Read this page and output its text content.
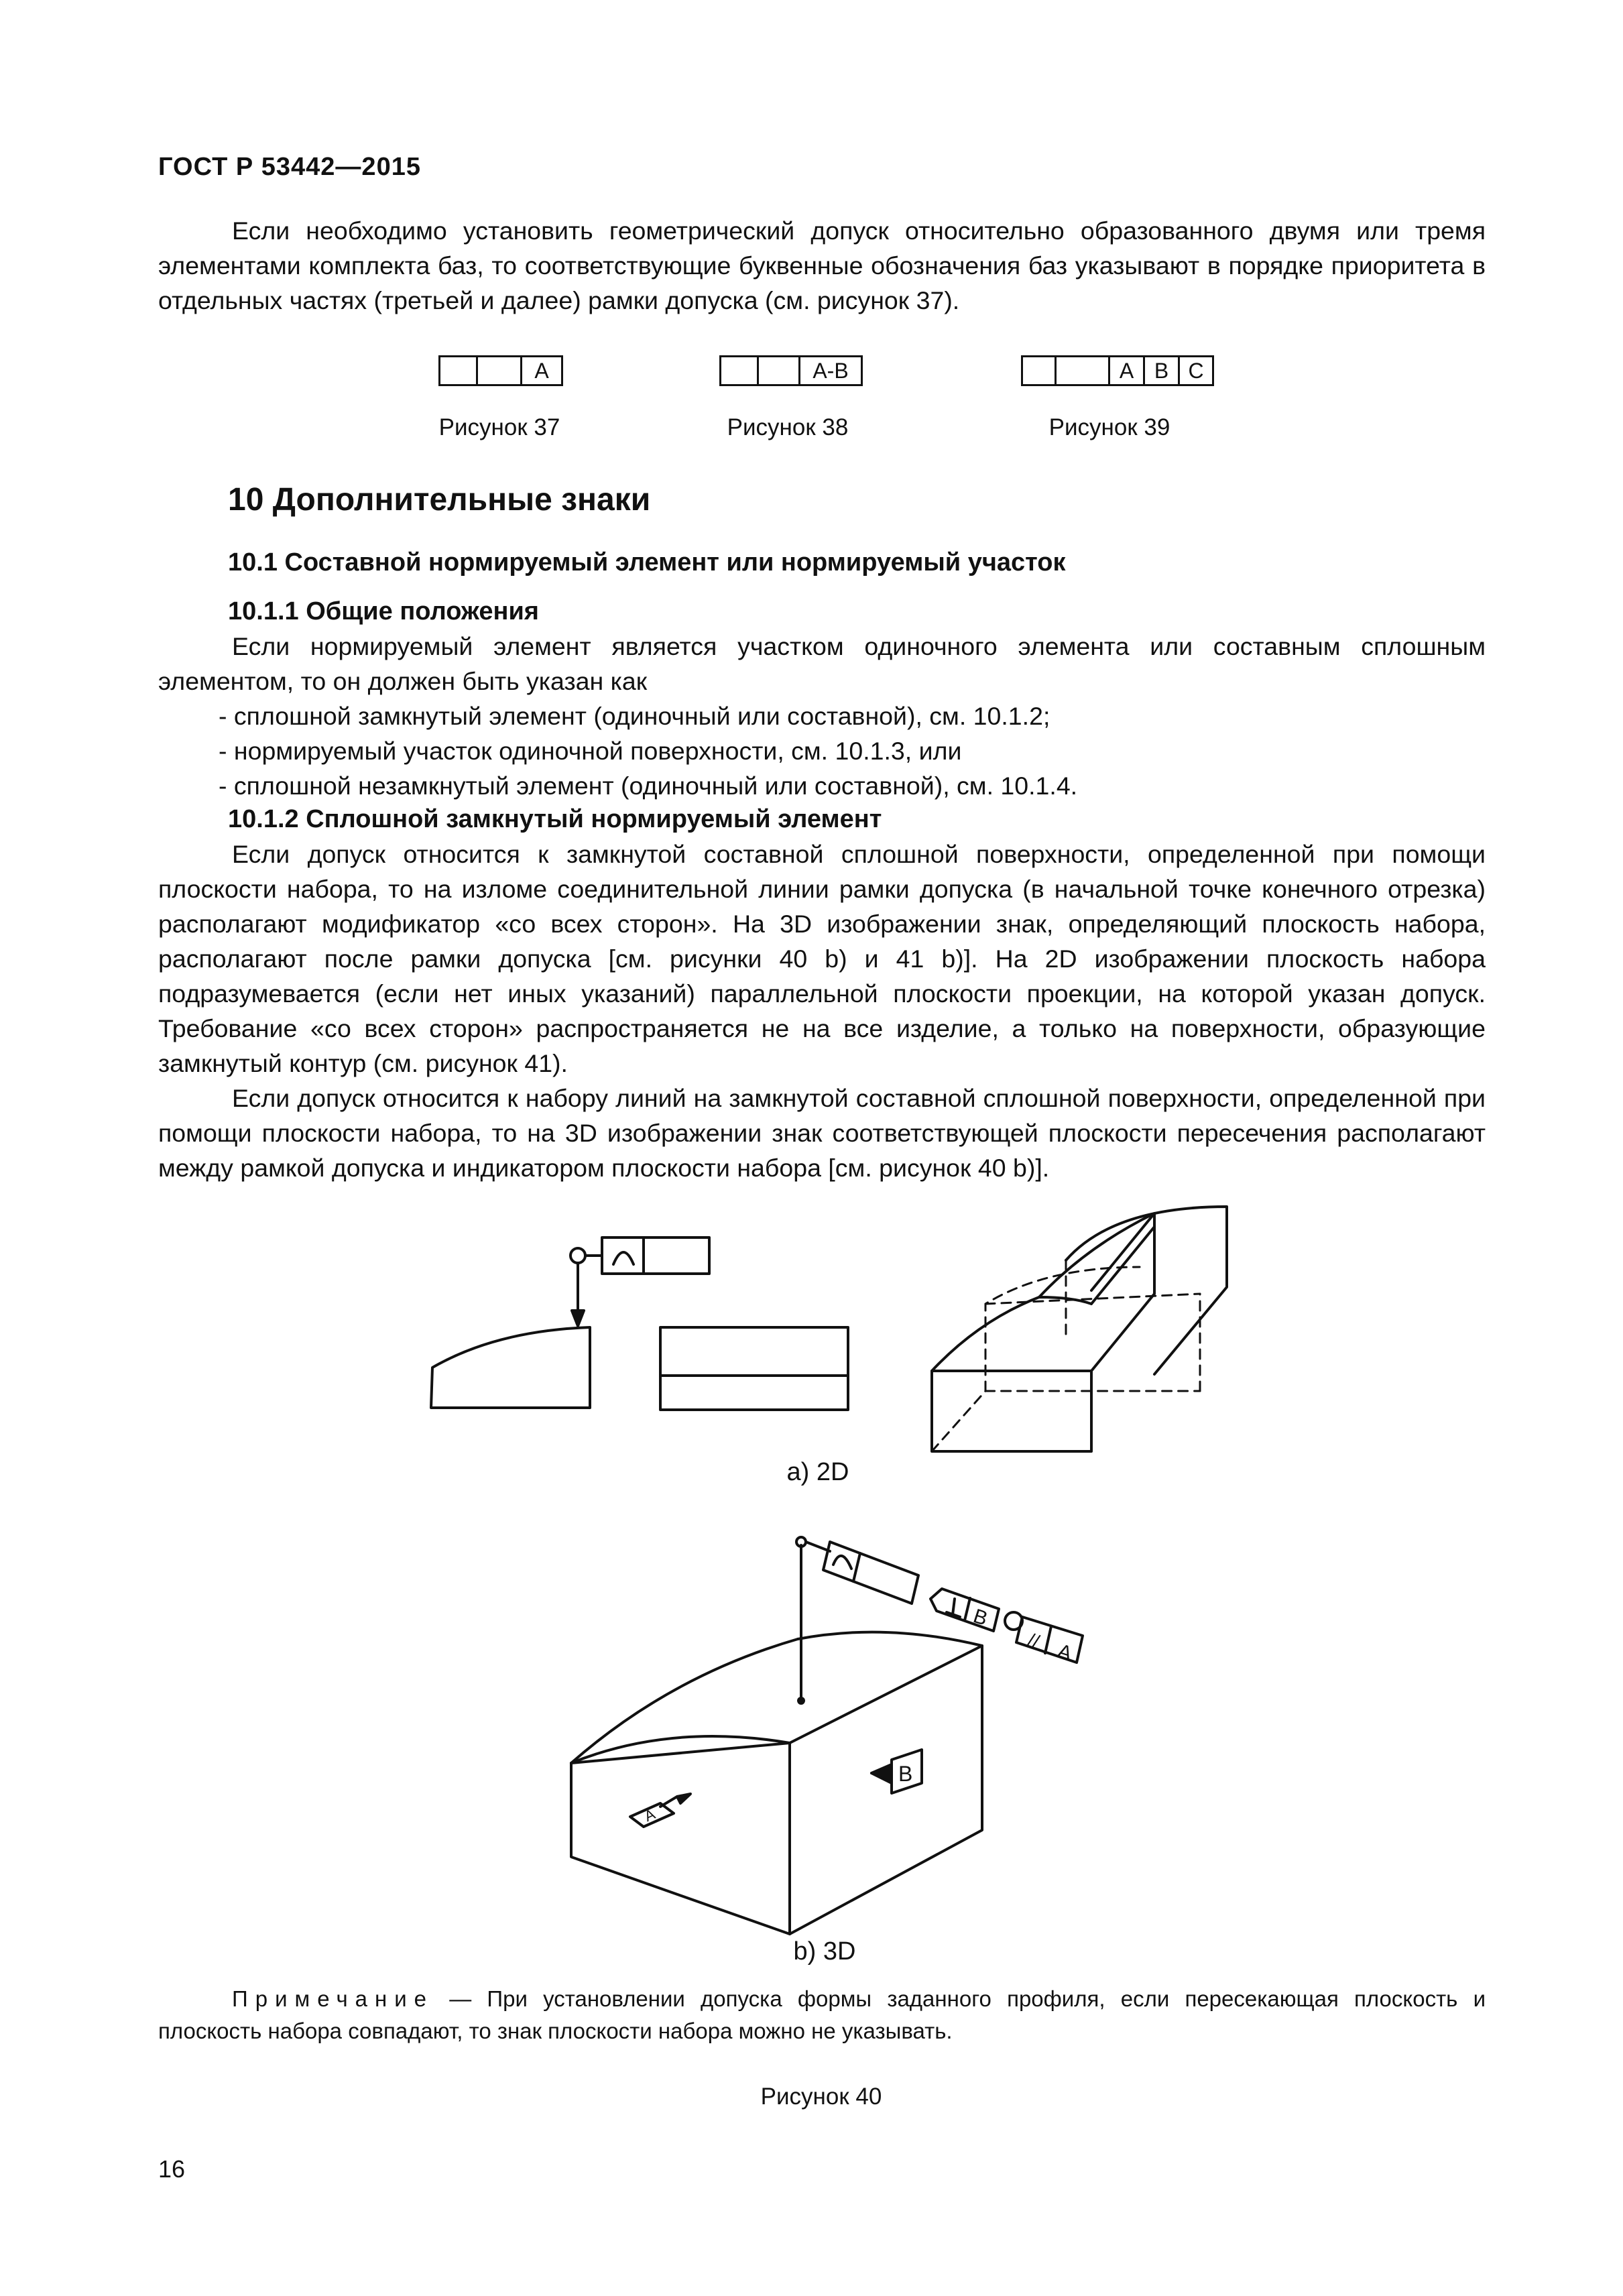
ГОСТ Р 53442—2015
Если необходимо установить геометрический допуск относительно образованного двумя или тремя элементами комплекта баз, то соответствующие буквенные обозначения баз указывают в порядке приоритета в отдельных частях (третьей и далее) рамки допуска (см. рисунок 37).
A
Рисунок 37
A-B
Рисунок 38
A B C
Рисунок 39
10 Дополнительные знаки
10.1 Составной нормируемый элемент или нормируемый участок
10.1.1 Общие положения
Если нормируемый элемент является участком одиночного элемента или составным сплошным элементом, то он должен быть указан как
- сплошной замкнутый элемент (одиночный или составной), см. 10.1.2;
- нормируемый участок одиночной поверхности, см. 10.1.3, или
- сплошной незамкнутый элемент (одиночный или составной), см. 10.1.4.
10.1.2 Сплошной замкнутый нормируемый элемент
Если допуск относится к замкнутой составной сплошной поверхности, определенной при помощи плоскости набора, то на изломе соединительной линии рамки допуска (в начальной точке конечного отрезка) располагают модификатор «со всех сторон». На 3D изображении знак, определяющий плоскость набора, располагают после рамки допуска [см. рисунки 40 b) и 41 b)]. На 2D изображении плоскость набора подразумевается (если нет иных указаний) параллельной плоскости проекции, на которой указан допуск. Требование «со всех сторон» распространяется не на все изделие, а только на поверхности, образующие замкнутый контур (см. рисунок 41).
Если допуск относится к набору линий на замкнутой составной сплошной поверхности, определенной при помощи плоскости набора, то на 3D изображении знак соответствующей плоскости пересечения располагают между рамкой допуска и индикатором плоскости набора [см. рисунок 40 b)].
B
// A
B
A
a) 2D
b) 3D
Примечание — При установлении допуска формы заданного профиля, если пересекающая плоскость и плоскость набора совпадают, то знак плоскости набора можно не указывать.
Рисунок 40
16
